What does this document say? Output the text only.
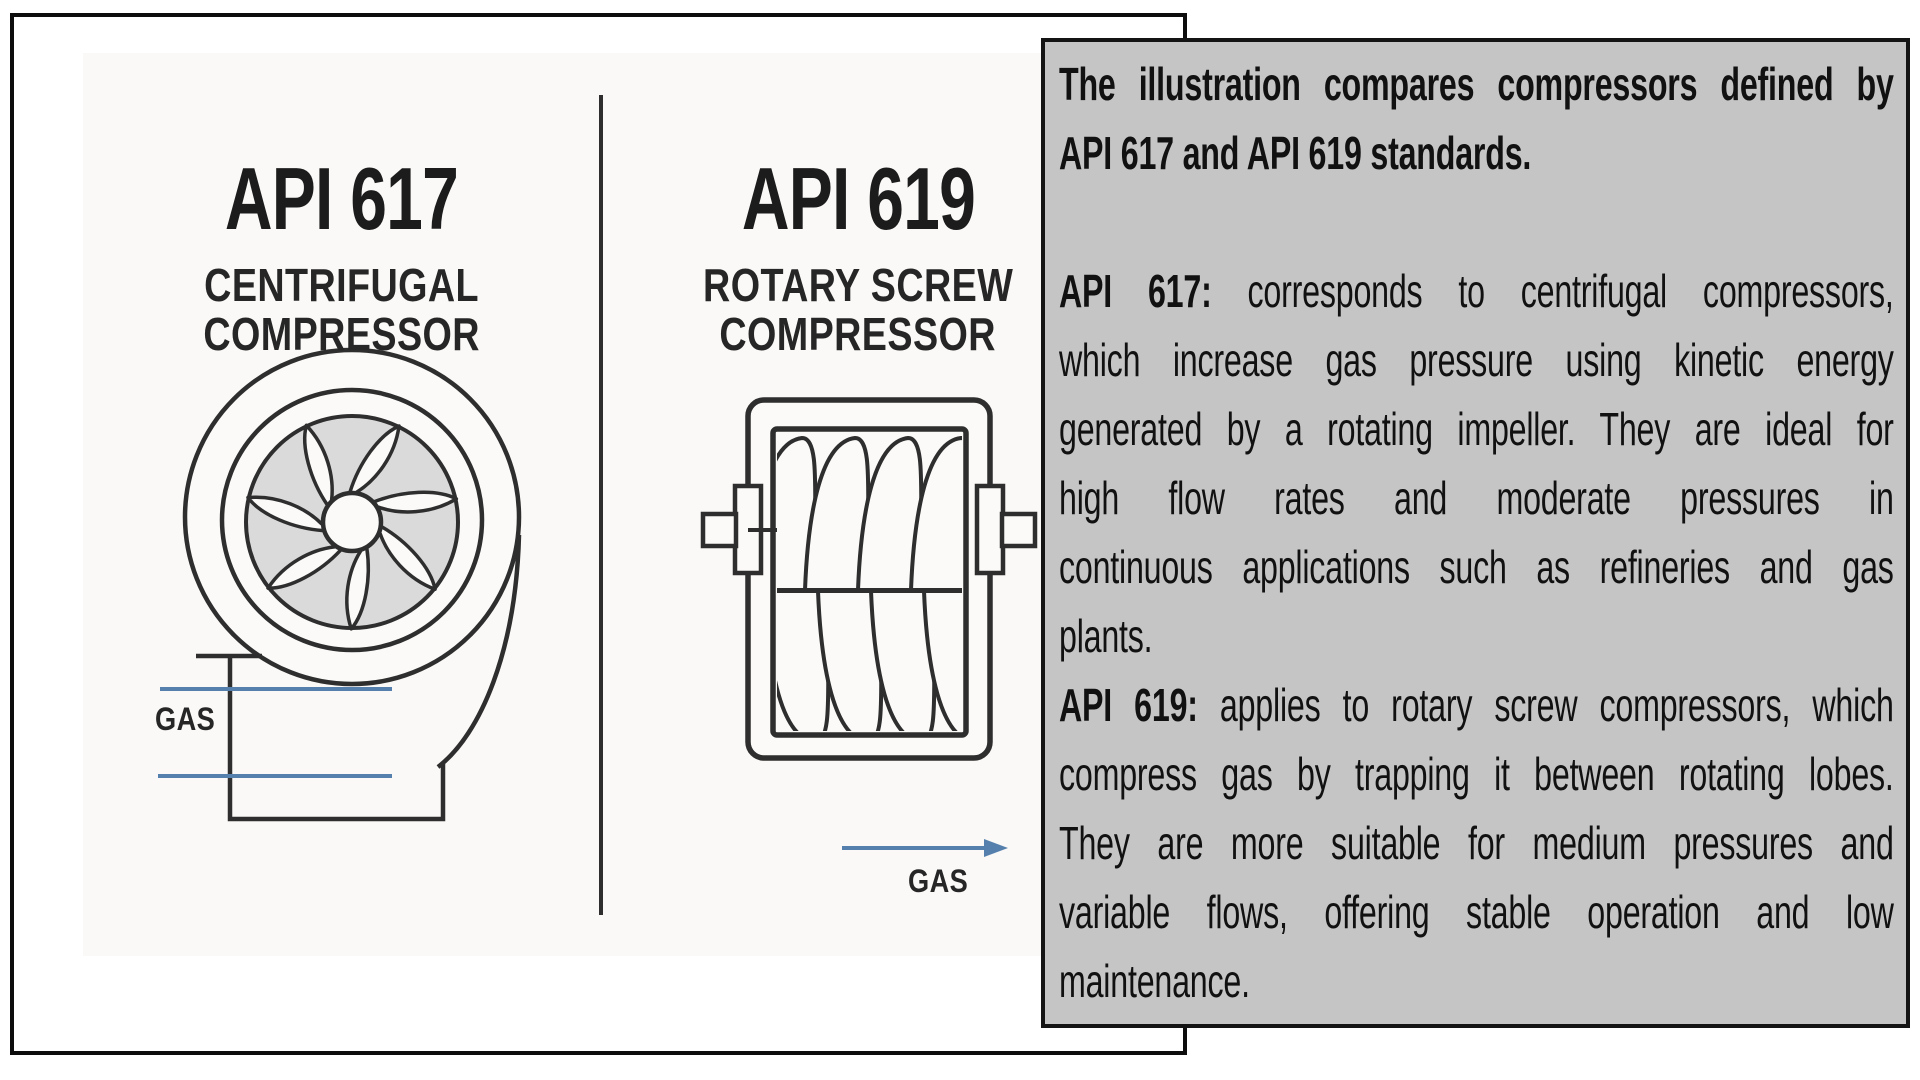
API 617
CENTRIFUGAL
COMPRESSOR
API 619
ROTARY SCREW
COMPRESSOR
GAS
GAS
The illustration compares compressors defined by
API 617 and API 619 standards.
API 617: corresponds to centrifugal compressors,
which increase gas pressure using kinetic energy
generated by a rotating impeller. They are ideal for
high flow rates and moderate pressures in
continuous applications such as refineries and gas
plants.
API 619: applies to rotary screw compressors, which
compress gas by trapping it between rotating lobes.
They are more suitable for medium pressures and
variable flows, offering stable operation and low
maintenance.
